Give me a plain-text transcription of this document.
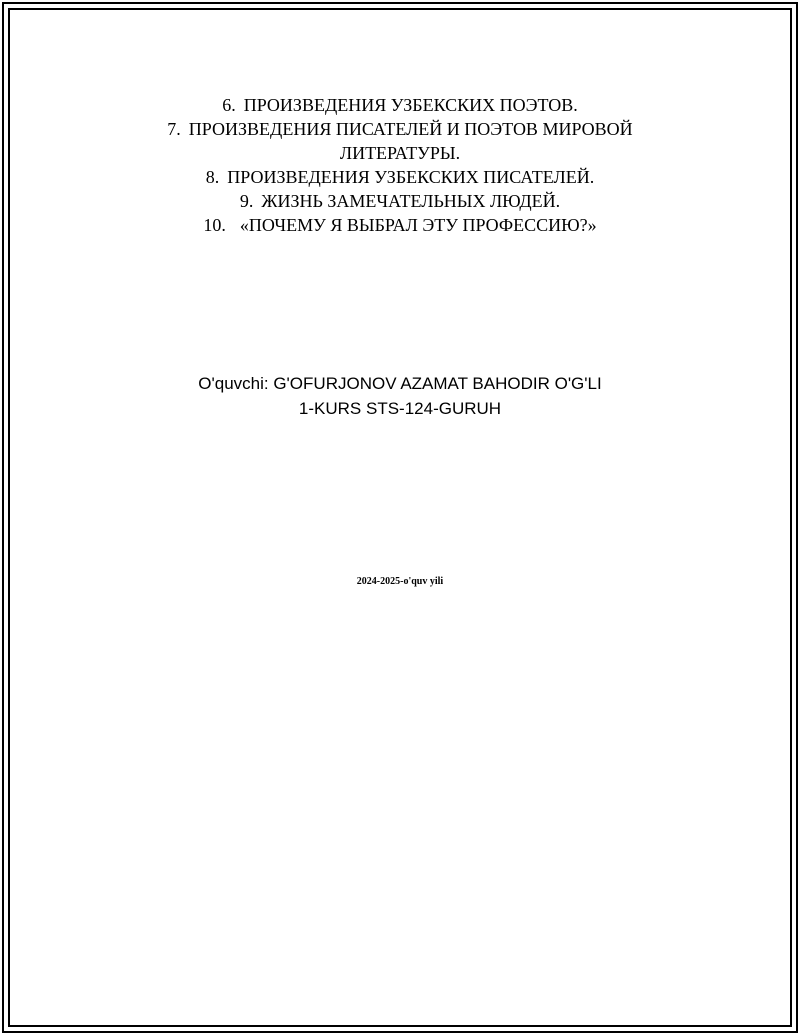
6. ПРОИЗВЕДЕНИЯ УЗБЕКСКИХ ПОЭТОВ.
7. ПРОИЗВЕДЕНИЯ ПИСАТЕЛЕЙ И ПОЭТОВ МИРОВОЙ
ЛИТЕРАТУРЫ.
8. ПРОИЗВЕДЕНИЯ УЗБЕКСКИХ ПИСАТЕЛЕЙ.
9. ЖИЗНЬ ЗАМЕЧАТЕЛЬНЫХ ЛЮДЕЙ.
10. «ПОЧЕМУ Я ВЫБРАЛ ЭТУ ПРОФЕССИЮ?»
O'quvchi: G'OFURJONOV AZAMAT BAHODIR O'G'LI
1-KURS STS-124-GURUH
2024-2025-o'quv yili
